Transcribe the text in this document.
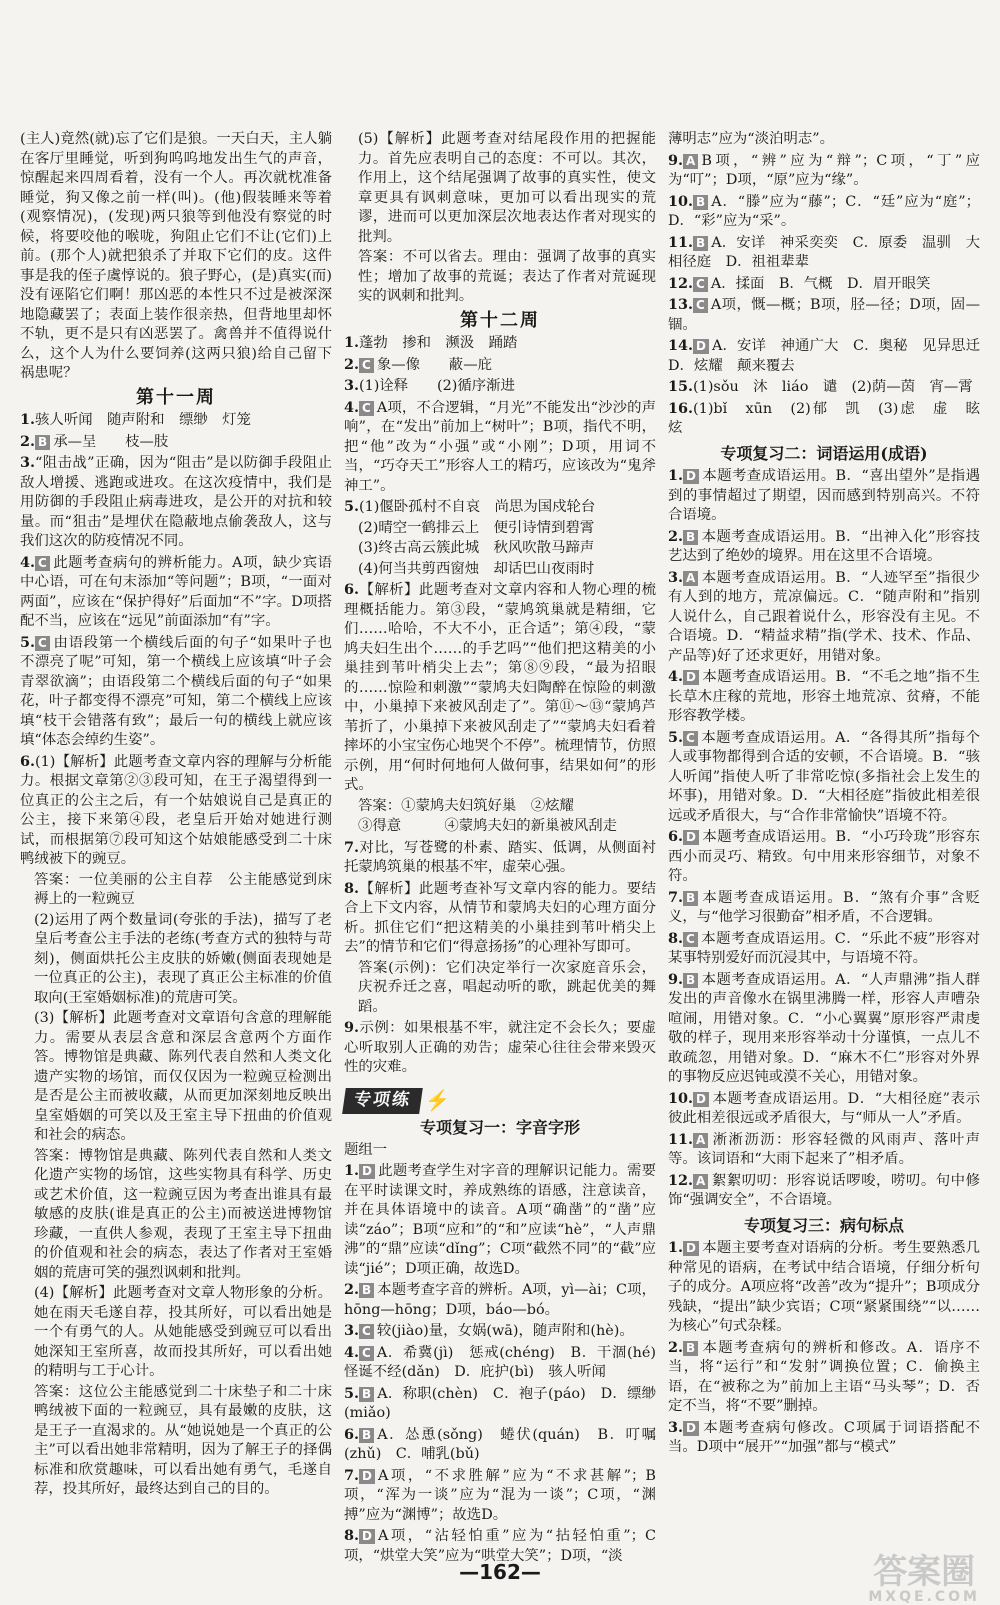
(主人)竟然(就)忘了它们是狼。一天白天，主人躺在客厅里睡觉，听到狗呜呜地发出生气的声音，惊醒起来四周看着，没有一个人。再次就枕准备睡觉，狗又像之前一样(叫)。(他)假装睡来等着(观察情况)，(发现)两只狼等到他没有察觉的时候，将要咬他的喉咙，狗阻止它们不让(它们)上前。(那个人)就把狼杀了并取下它们的皮。这件事是我的侄子虞惇说的。狼子野心，(是)真实(而)没有诬陷它们啊！那凶恶的本性只不过是被深深地隐藏罢了；表面上装作很亲热，但背地里却怀不轨，更不是只有凶恶罢了。禽兽并不值得说什么，这个人为什么要饲养(这两只狼)给自己留下祸患呢？

第十一周

1.骇人听闻　随声附和　缥缈　灯笼

2. B 承—呈　　枝—肢

3.“阻击战”正确，因为“阻击”是以防御手段阻止敌人增援、逃跑或进攻。在这次疫情中，我们是用防御的手段阻止病毒进攻，是公开的对抗和较量。而“狙击”是埋伏在隐蔽地点偷袭敌人，这与我们这次的防疫情况不同。

4. C 此题考查病句的辨析能力。A项，缺少宾语中心语，可在句末添加“等问题”；B项，“一面对两面”，应该在“保护得好”后面加“不”字。D项搭配不当，应该在“远见”前面添加“有”字。

5. C 由语段第一个横线后面的句子“如果叶子也不漂亮了呢”可知，第一个横线上应该填“叶子会青翠欲滴”；由语段第二个横线后面的句子“如果花，叶子都变得不漂亮”可知，第二个横线上应该填“枝干会错落有致”；最后一句的横线上就应该填“体态会绰约生姿”。

6.(1)【解析】此题考查文章内容的理解与分析能力。根据文章第②③段可知，在王子渴望得到一位真正的公主之后，有一个姑娘说自己是真正的公主，接下来第④段，老皇后开始对她进行测试，而根据第⑦段可知这个姑娘能感受到二十床鸭绒被下的豌豆。

答案：一位美丽的公主自荐　公主能感觉到床褥上的一粒豌豆

(2)运用了两个数量词(夸张的手法)，描写了老皇后考查公主手法的老练(考查方式的独特与苛刻)，侧面烘托公主皮肤的娇嫩(侧面表现她是一位真正的公主)，表现了真正公主标准的价值取向(王室婚姻标准)的荒唐可笑。

(3)【解析】此题考查对文章语句含意的理解能力。需要从表层含意和深层含意两个方面作答。博物馆是典藏、陈列代表自然和人类文化遗产实物的场馆，而仅仅因为一粒豌豆检测出是否是公主而被收藏，从而更加深刻地反映出皇室婚姻的可笑以及王室主导下扭曲的价值观和社会的病态。

答案：博物馆是典藏、陈列代表自然和人类文化遗产实物的场馆，这些实物具有科学、历史或艺术价值，这一粒豌豆因为考查出谁具有最敏感的皮肤(谁是真正的公主)而被送进博物馆珍藏，一直供人参观，表现了王室主导下扭曲的价值观和社会的病态，表达了作者对王室婚姻的荒唐可笑的强烈讽刺和批判。

(4)【解析】此题考查对文章人物形象的分析。她在雨天毛遂自荐，投其所好，可以看出她是一个有勇气的人。从她能感受到豌豆可以看出她深知王室所喜，故而投其所好，可以看出她的精明与工于心计。

答案：这位公主能感觉到二十床垫子和二十床鸭绒被下面的一粒豌豆，具有最嫩的皮肤，这是王子一直渴求的。从“她说她是一个真正的公主”可以看出她非常精明，因为了解王子的择偶标准和欣赏趣味，可以看出她有勇气，毛遂自荐，投其所好，最终达到自己的目的。

(5)【解析】此题考查对结尾段作用的把握能力。首先应表明自己的态度：不可以。其次，作用上，这个结尾强调了故事的真实性，使文章更具有讽刺意味，更加可以看出现实的荒谬，进而可以更加深层次地表达作者对现实的批判。

答案：不可以省去。理由：强调了故事的真实性；增加了故事的荒诞；表达了作者对荒诞现实的讽刺和批判。

第十二周

1.蓬勃　掺和　濒汲　踊踏

2. C 象—像　　蔽—庇

3.(1)诠释　　(2)循序渐进

4. C A项，不合逻辑，“月光”不能发出“沙沙的声响”，在“发出”前加上“树叶”；B项，指代不明，把“他”改为“小强”或“小刚”；D项，用词不当，“巧夺天工”形容人工的精巧，应该改为“鬼斧神工”。

5.(1)偃卧孤村不自哀　尚思为国戍轮台

(2)晴空一鹤排云上　便引诗情到碧霄

(3)终古高云簇此城　秋风吹散马蹄声

(4)何当共剪西窗烛　却话巴山夜雨时

6.【解析】此题考查对文章内容和人物心理的梳理概括能力。第③段，“蒙鸠筑巢就是精细，它们……哈哈，不大不小，正合适”；第④段，“蒙鸠夫妇生出个……的手艺吗”“他们把这精美的小巢挂到苇叶梢尖上去”；第⑧⑨段，“最为招眼的……惊险和刺激”“蒙鸠夫妇陶醉在惊险的刺激中，小巢掉下来被风刮走了”。第⑪～⑬“蒙鸠芦苇折了，小巢掉下来被风刮走了”“蒙鸠夫妇看着摔坏的小宝宝伤心地哭个不停”。梳理情节，仿照示例，用“何时何地何人做何事，结果如何”的形式。

答案：①蒙鸠夫妇筑好巢　②炫耀

③得意　　　④蒙鸠夫妇的新巢被风刮走

7.对比，写苍鹭的朴素、踏实、低调，从侧面衬托蒙鸠筑巢的根基不牢，虚荣心强。

8.【解析】此题考查补写文章内容的能力。要结合上下文内容，从情节和蒙鸠夫妇的心理方面分析。抓住它们“把这精美的小巢挂到苇叶梢尖上去”的情节和它们“得意扬扬”的心理补写即可。

答案(示例)：它们决定举行一次家庭音乐会，庆祝乔迁之喜，唱起动听的歌，跳起优美的舞蹈。

9.示例：如果根基不牢，就注定不会长久；要虚心听取别人正确的劝告；虚荣心往往会带来毁灭性的灾难。

专项练 ⚡
专项复习一：字音字形

题组一

1. D 此题考查学生对字音的理解识记能力。需要在平时读课文时，养成熟练的语感，注意读音，并在具体语境中的读音。A项“确凿”的“凿”应读“záo”；B项“应和”的“和”应读“hè”，“人声鼎沸”的“鼎”应读“dǐng”；C项“截然不同”的“截”应读“jié”；D项正确，故选D。

2. B 本题考查字音的辨析。A项，yì—ài；C项，hōng—hōng；D项，báo—bó。

3. C 较(jiào)量，女娲(wā)，随声附和(hè)。

4. C A．希冀(jì)　惩戒(chéng)　B．干涸(hé)　怪诞不经(dǎn)　D．庇护(bì)　骇人听闻

5. B A．称职(chèn)　C．袍子(páo)　D．缥缈(miǎo)

6. B A．怂恿(sǒng)　蜷伏(quán)　B．叮嘱(zhǔ)　C．哺乳(bǔ)

7. D A项，“不求胜解”应为“不求甚解”；B项，“浑为一谈”应为“混为一谈”；C项，“渊搏”应为“渊博”；故选D。

8. D A项，“沾轻怕重”应为“拈轻怕重”；C项，“烘堂大笑”应为“哄堂大笑”；D项，“淡

薄明志”应为“淡泊明志”。

9. A B项，“辨”应为“辩”；C项，“丁”应为“叮”；D项，“原”应为“缘”。

10. B A．“滕”应为“藤”；C．“廷”应为“庭”；D．“彩”应为“采”。

11. B A．安详　神采奕奕　C．原委　温驯　大相径庭　D．祖祖辈辈

12. C A．揉面　B．气概　D．眉开眼笑

13. C A项，慨—概；B项，胫—径；D项，固—锢。

14. D A．安详　神通广大　C．奥秘　见异思迁　D．炫耀　颠来覆去

15.(1)sǒu　沐　liáo　谴　(2)荫—茵　宵—霄

16.(1)bǐ　xūn　(2)郁　凯　(3)虑　虚　眩　炫

专项复习二：词语运用(成语)

1. D 本题考查成语运用。B．“喜出望外”是指遇到的事情超过了期望，因而感到特别高兴。不符合语境。

2. B 本题考查成语运用。B．“出神入化”形容技艺达到了绝妙的境界。用在这里不合语境。

3. A 本题考查成语运用。B．“人迹罕至”指很少有人到的地方，荒凉偏远。C．“随声附和”指别人说什么，自己跟着说什么，形容没有主见。不合语境。D．“精益求精”指(学术、技术、作品、产品等)好了还求更好，用错对象。

4. D 本题考查成语运用。B．“不毛之地”指不生长草木庄稼的荒地，形容土地荒凉、贫瘠，不能形容教学楼。

5. C 本题考查成语运用。A．“各得其所”指每个人或事物都得到合适的安顿，不合语境。B．“骇人听闻”指使人听了非常吃惊(多指社会上发生的坏事)，用错对象。D．“大相径庭”指彼此相差很远或矛盾很大，与“合作非常愉快”语境不符。

6. D 本题考查成语运用。B．“小巧玲珑”形容东西小而灵巧、精致。句中用来形容细节，对象不符。

7. B 本题考查成语运用。B．“煞有介事”含贬义，与“他学习很勤奋”相矛盾，不合逻辑。

8. C 本题考查成语运用。C．“乐此不疲”形容对某事特别爱好而沉浸其中，与语境不符。

9. B 本题考查成语运用。A．“人声鼎沸”指人群发出的声音像水在锅里沸腾一样，形容人声嘈杂喧闹，用错对象。C．“小心翼翼”原形容严肃虔敬的样子，现用来形容举动十分谨慎，一点儿不敢疏忽，用错对象。D．“麻木不仁”形容对外界的事物反应迟钝或漠不关心，用错对象。

10. D 本题考查成语运用。D．“大相径庭”表示彼此相差很远或矛盾很大，与“师从一人”矛盾。

11. A 淅淅沥沥：形容轻微的风雨声、落叶声等。该词语和“大雨下起来了”相矛盾。

12. A 絮絮叨叨：形容说话啰唆，唠叨。句中修饰“强调安全”，不合语境。

专项复习三：病句标点

1. D 本题主要考查对语病的分析。考生要熟悉几种常见的语病，在考试中结合语境，仔细分析句子的成分。A项应将“改善”改为“提升”；B项成分残缺，“提出”缺少宾语；C项“紧紧围绕”“以……为核心”句式杂糅。

2. B 本题考查病句的辨析和修改。A．语序不当，将“运行”和“发射”调换位置；C．偷换主语，在“被称之为”前加上主语“马头琴”；D．否定不当，将“不要”删掉。

3. D 本题考查病句修改。C项属于词语搭配不当。D项中“展开”“加强”都与“模式”

—162—	答案圈
MXQE.COM
